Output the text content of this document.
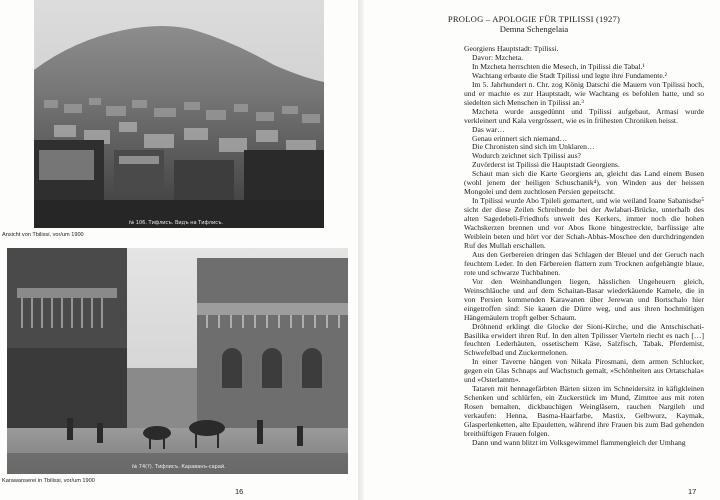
№ 106. Тифлисъ. Видъ на Тифлисъ.
Ansicht von Tbilissi, vor/um 1900
№ 74(?). Тифлисъ. Караванъ-сарай.
Karawanserei in Tbilissi, vor/um 1900
16
PROLOG – APOLOGIE FÜR TPILISSI (1927)
Demna Schengelaia

Georgiens Hauptstadt: Tpilissi.

Davor: Mzcheta.

In Mzcheta herrschten die Mesech, in Tpilissi die Tabal.¹

Wachtang erbaute die Stadt Tpilissi und legte ihre Fundamente.²

Im 5. Jahrhundert n. Chr. zog König Datschi die Mauern von Tpilissi hoch, und er machte es zur Hauptstadt, wie Wachtang es befohlen hatte, und so siedelten sich Menschen in Tpilissi an.³

Mzcheta wurde ausgedünnt und Tpilissi aufgebaut, Armasi wurde verkleinert und Kala vergrössert, wie es in frühesten Chroniken heisst.

Das war…

Genau erinnert sich niemand…

Die Chronisten sind sich im Unklaren…

Wodurch zeichnet sich Tpilissi aus?

Zuvörderst ist Tpilissi die Hauptstadt Georgiens.

Schaut man sich die Karte Georgiens an, gleicht das Land einem Busen (wohl jenem der heiligen Schuschanik⁴), von Winden aus der heissen Mongolei und dem zuchtlosen Persien gepeitscht.

In Tpilissi wurde Abo Tpileli gemartert, und wie weiland Ioane Sabanisdse⁵ sicht der diese Zeilen Schreibende bei der Awlabari-Brücke, unterhalb des alten Sagedebeli-Friedhofs unweit des Kerkers, immer noch die hohen Wachskerzen brennen und vor Abos Ikone hingestreckte, barfüssige alte Weiblein beten und hört vor der Schah-Abbas-Moschee den durchdringenden Ruf des Mullah erschallen.

Aus den Gerbereien dringen das Schlagen der Bleuel und der Geruch nach feuchtem Leder. In den Färbereien flattern zum Trocknen aufgehängte blaue, rote und schwarze Tuchbahnen.

Vor den Weinhandlungen liegen, hässlichen Ungeheuern gleich, Weinschläuche und auf dem Schaitan-Basar wiederkäuende Kamele, die in von Persien kommenden Karawanen über Jerewan und Bortschalo hier eingetroffen sind: Sie kauen die Dürre weg, und aus ihren hochmütigen Hängemäulern tropft gelber Schaum.

Dröhnend erklingt die Glocke der Sioni-Kirche, und die Antschischati-Basilika erwidert ihren Ruf. In den alten Tpilisser Vierteln riecht es nach […] feuchten Lederhäuten, ossetischem Käse, Salzfisch, Tabak, Pferdemist, Schwefelbad und Zuckermelonen.

In einer Taverne hängen von Nikala Pirosmani, dem armen Schlucker, gegen ein Glas Schnaps auf Wachstuch gemalt, »Schönheiten aus Ortatschala« und »Osterlamm«.

Tataren mit hennagefärbten Bärten sitzen im Schneidersitz in käfigkleinen Schenken und schlürfen, ein Zuckerstück im Mund, Zimttee aus mit roten Rosen bemalten, dickbauchigen Weingläsern, rauchen Nargileh und verkaufen: Henna, Basma-Haarfarbe, Mastix, Gelbwurz, Kaymak, Glasperlenketten, alte Epauletten, während ihre Frauen bis zum Bad gehenden breithüftigen Frauen folgen.

Dann und wann blitzt im Volksgewimmel flammengleich der Umhang

17
